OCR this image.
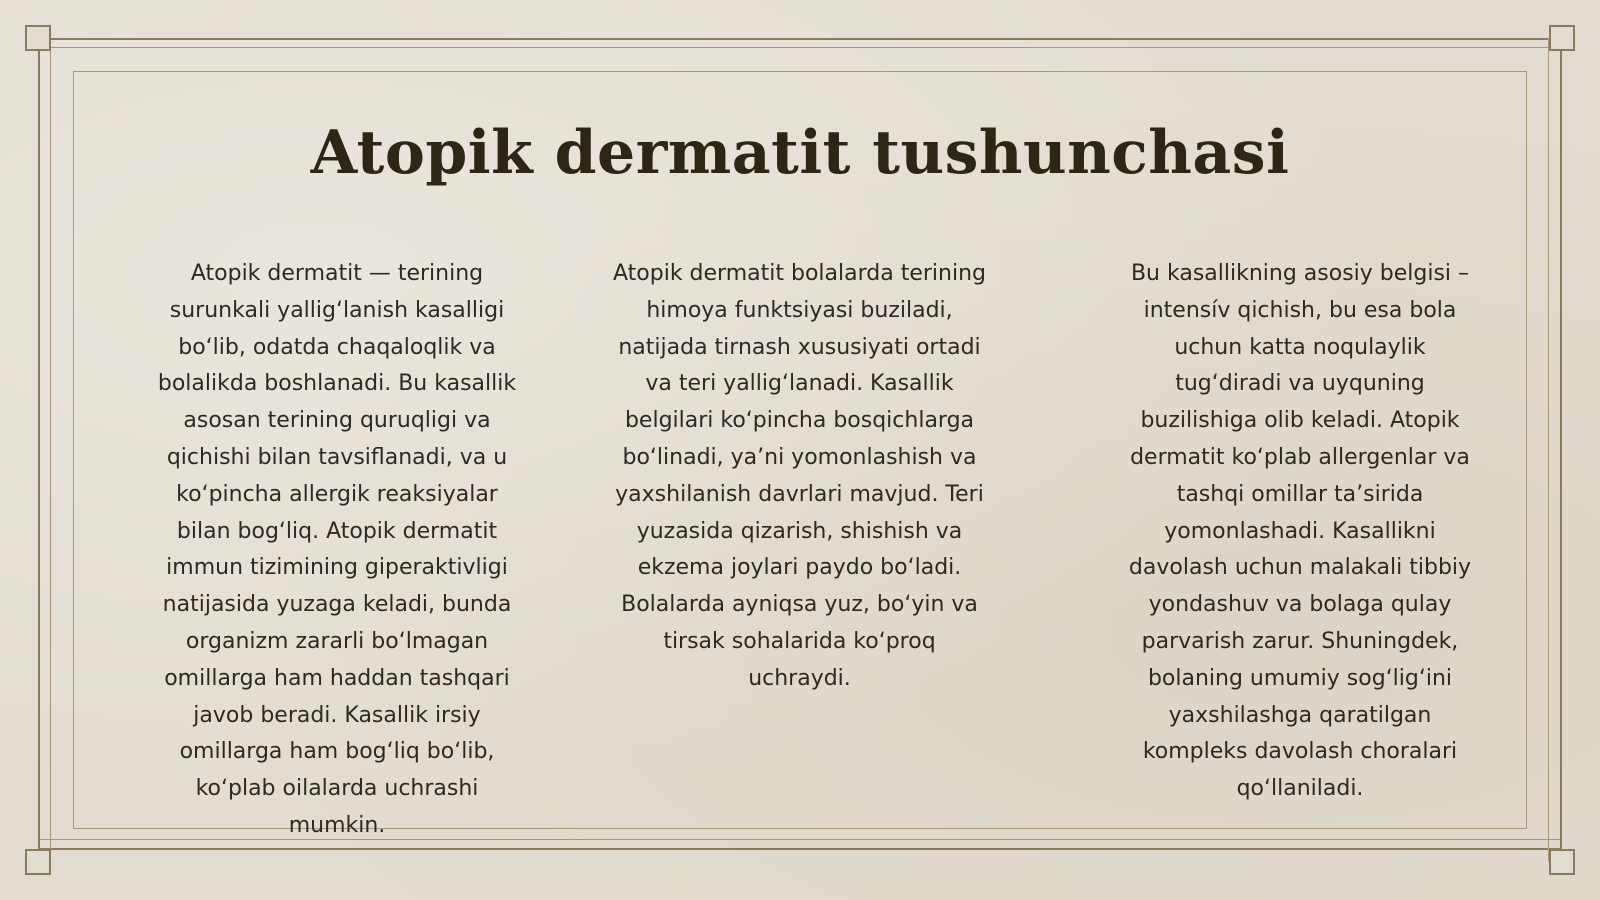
Atopik dermatit tushunchasi

Atopik dermatit — terining surunkali yallig‘lanish kasalligi bo‘lib, odatda chaqaloqlik va bolalikda boshlanadi. Bu kasallik asosan terining quruqligi va qichishi bilan tavsiflanadi, va u ko‘pincha allergik reaksiyalar bilan bog‘liq. Atopik dermatit immun tizimining giperaktivligi natijasida yuzaga keladi, bunda organizm zararli bo‘lmagan omillarga ham haddan tashqari javob beradi. Kasallik irsiy omillarga ham bog‘liq bo‘lib, ko‘plab oilalarda uchrashi mumkin.

Atopik dermatit bolalarda terining himoya funktsiyasi buziladi, natijada tirnash xususiyati ortadi va teri yallig‘lanadi. Kasallik belgilari ko‘pincha bosqichlarga bo‘linadi, ya’ni yomonlashish va yaxshilanish davrlari mavjud. Teri yuzasida qizarish, shishish va ekzema joylari paydo bo‘ladi. Bolalarda ayniqsa yuz, bo‘yin va tirsak sohalarida ko‘proq uchraydi.

Bu kasallikning asosiy belgisi – intensív qichish, bu esa bola uchun katta noqulaylik tug‘diradi va uyquning buzilishiga olib keladi. Atopik dermatit ko‘plab allergenlar va tashqi omillar ta’sirida yomonlashadi. Kasallikni davolash uchun malakali tibbiy yondashuv va bolaga qulay parvarish zarur. Shuningdek, bolaning umumiy sog‘lig‘ini yaxshilashga qaratilgan kompleks davolash choralari qo‘llaniladi.
